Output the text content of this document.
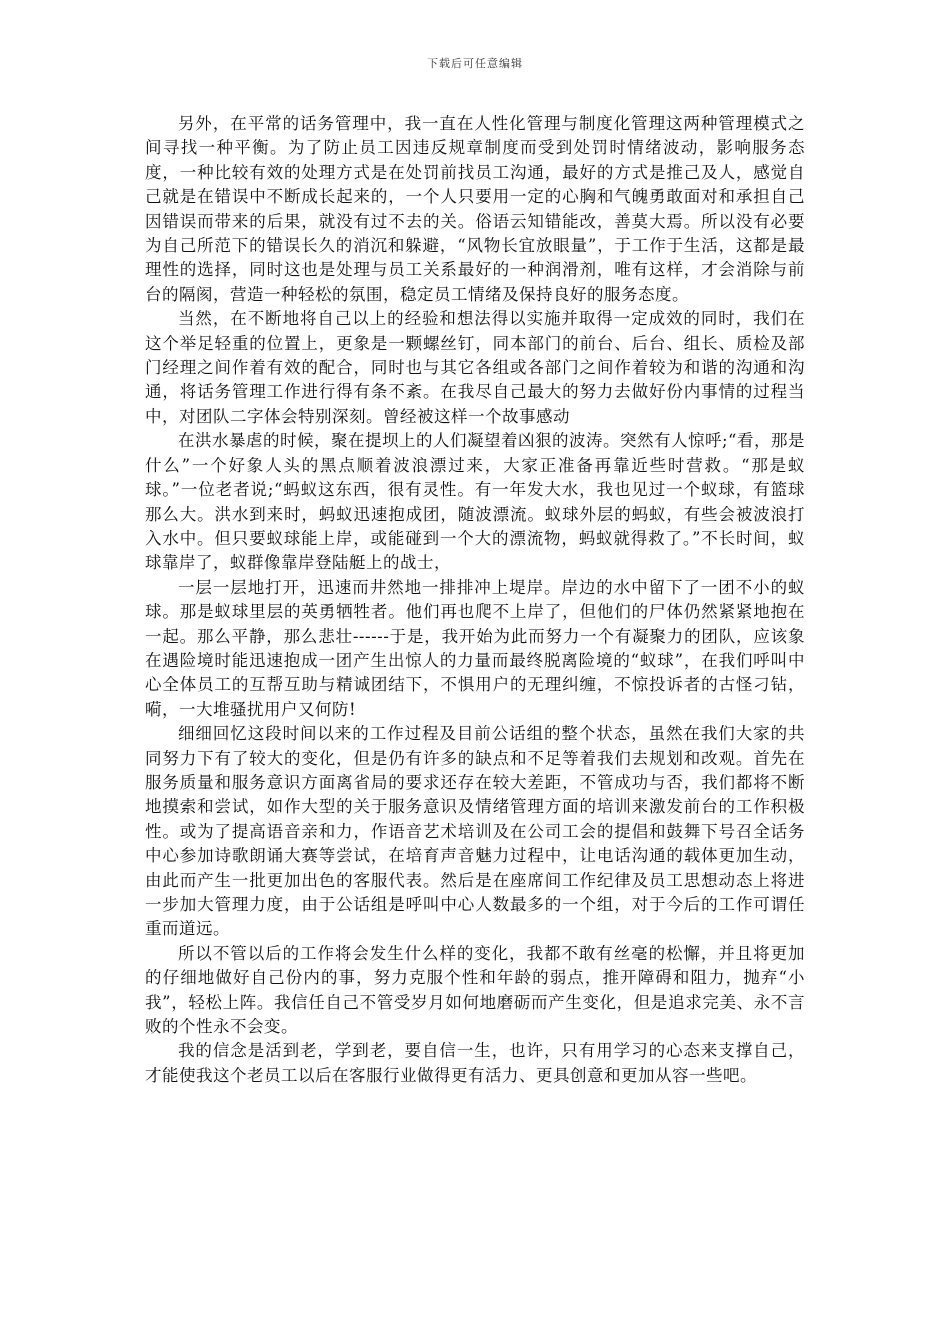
下载后可任意编辑

另外，在平常的话务管理中，我一直在人性化管理与制度化管理这两种管理模式之间寻找一种平衡。为了防止员工因违反规章制度而受到处罚时情绪波动，影响服务态度，一种比较有效的处理方式是在处罚前找员工沟通，最好的方式是推己及人，感觉自己就是在错误中不断成长起来的，一个人只要用一定的心胸和气魄勇敢面对和承担自己因错误而带来的后果，就没有过不去的关。俗语云知错能改，善莫大焉。所以没有必要为自己所范下的错误长久的消沉和躲避，“风物长宜放眼量”，于工作于生活，这都是最理性的选择，同时这也是处理与员工关系最好的一种润滑剂，唯有这样，才会消除与前台的隔阂，营造一种轻松的氛围，稳定员工情绪及保持良好的服务态度。

当然，在不断地将自己以上的经验和想法得以实施并取得一定成效的同时，我们在这个举足轻重的位置上，更象是一颗螺丝钉，同本部门的前台、后台、组长、质检及部门经理之间作着有效的配合，同时也与其它各组或各部门之间作着较为和谐的沟通和沟通，将话务管理工作进行得有条不紊。在我尽自己最大的努力去做好份内事情的过程当中，对团队二字体会特别深刻。曾经被这样一个故事感动

在洪水暴虐的时候，聚在提坝上的人们凝望着凶狠的波涛。突然有人惊呼;“看，那是什么”一个好象人头的黑点顺着波浪漂过来，大家正准备再靠近些时营救。“那是蚁球。”一位老者说;“蚂蚁这东西，很有灵性。有一年发大水，我也见过一个蚁球，有篮球那么大。洪水到来时，蚂蚁迅速抱成团，随波漂流。蚁球外层的蚂蚁，有些会被波浪打入水中。但只要蚁球能上岸，或能碰到一个大的漂流物，蚂蚁就得救了。”不长时间，蚁球靠岸了，蚁群像靠岸登陆艇上的战士，

一层一层地打开，迅速而井然地一排排冲上堤岸。岸边的水中留下了一团不小的蚁球。那是蚁球里层的英勇牺牲者。他们再也爬不上岸了，但他们的尸体仍然紧紧地抱在一起。那么平静，那么悲壮------于是，我开始为此而努力一个有凝聚力的团队，应该象在遇险境时能迅速抱成一团产生出惊人的力量而最终脱离险境的“蚁球”，在我们呼叫中心全体员工的互帮互助与精诚团结下，不惧用户的无理纠缠，不惊投诉者的古怪刁钻，嗬，一大堆骚扰用户又何防!

细细回忆这段时间以来的工作过程及目前公话组的整个状态，虽然在我们大家的共同努力下有了较大的变化，但是仍有许多的缺点和不足等着我们去规划和改观。首先在服务质量和服务意识方面离省局的要求还存在较大差距，不管成功与否，我们都将不断地摸索和尝试，如作大型的关于服务意识及情绪管理方面的培训来激发前台的工作积极性。或为了提高语音亲和力，作语音艺术培训及在公司工会的提倡和鼓舞下号召全话务中心参加诗歌朗诵大赛等尝试，在培育声音魅力过程中，让电话沟通的载体更加生动，由此而产生一批更加出色的客服代表。然后是在座席间工作纪律及员工思想动态上将进一步加大管理力度，由于公话组是呼叫中心人数最多的一个组，对于今后的工作可谓任重而道远。

所以不管以后的工作将会发生什么样的变化，我都不敢有丝毫的松懈，并且将更加的仔细地做好自己份内的事，努力克服个性和年龄的弱点，推开障碍和阻力，抛弃“小我”，轻松上阵。我信任自己不管受岁月如何地磨砺而产生变化，但是追求完美、永不言败的个性永不会变。

我的信念是活到老，学到老，要自信一生，也许，只有用学习的心态来支撑自己，才能使我这个老员工以后在客服行业做得更有活力、更具创意和更加从容一些吧。
